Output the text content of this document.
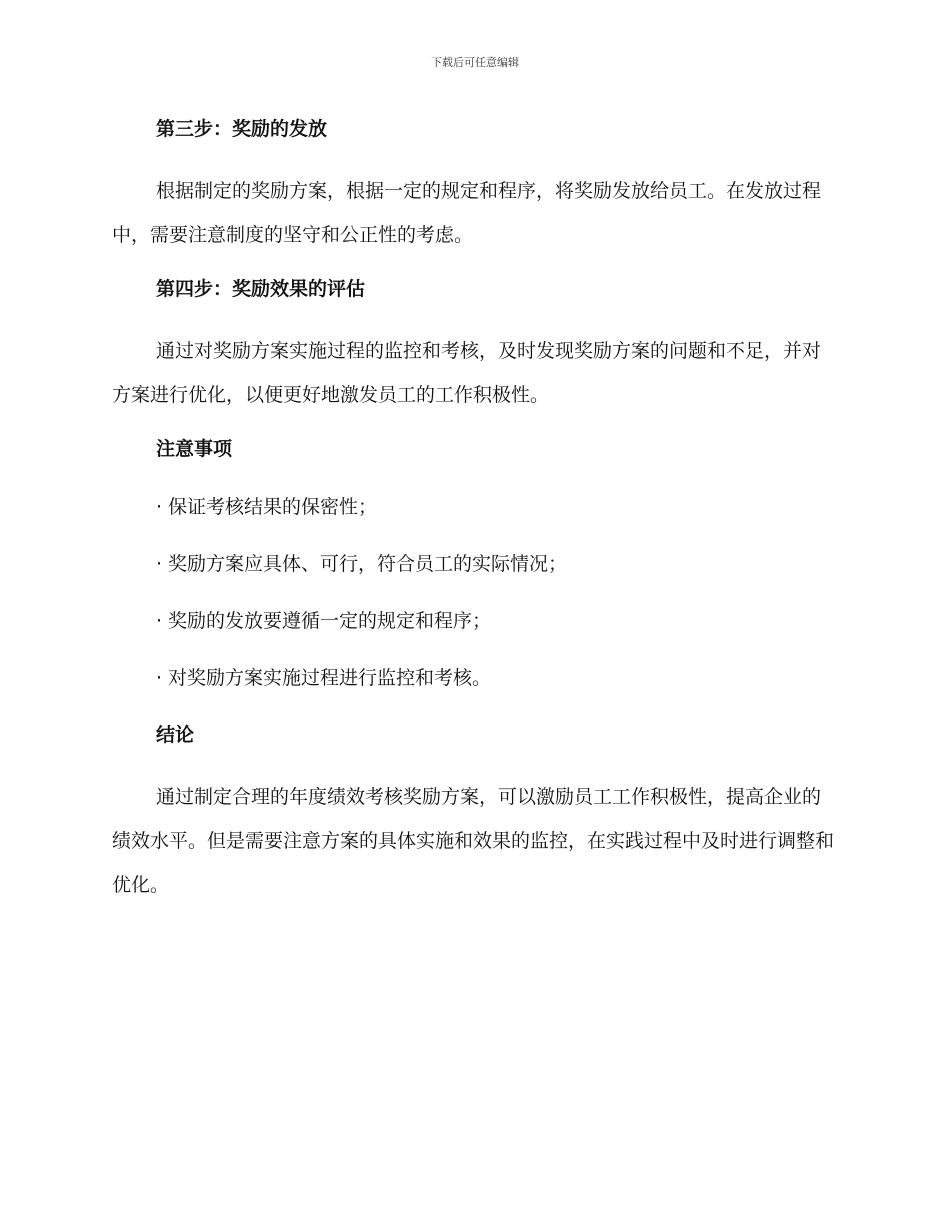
下载后可任意编辑
第三步：奖励的发放

根据制定的奖励方案，根据一定的规定和程序，将奖励发放给员工。在发放过程中，需要注意制度的坚守和公正性的考虑。

第四步：奖励效果的评估

通过对奖励方案实施过程的监控和考核，及时发现奖励方案的问题和不足，并对方案进行优化，以便更好地激发员工的工作积极性。

注意事项
· 保证考核结果的保密性；
· 奖励方案应具体、可行，符合员工的实际情况；
· 奖励的发放要遵循一定的规定和程序；
· 对奖励方案实施过程进行监控和考核。
结论

通过制定合理的年度绩效考核奖励方案，可以激励员工工作积极性，提高企业的绩效水平。但是需要注意方案的具体实施和效果的监控，在实践过程中及时进行调整和优化。
